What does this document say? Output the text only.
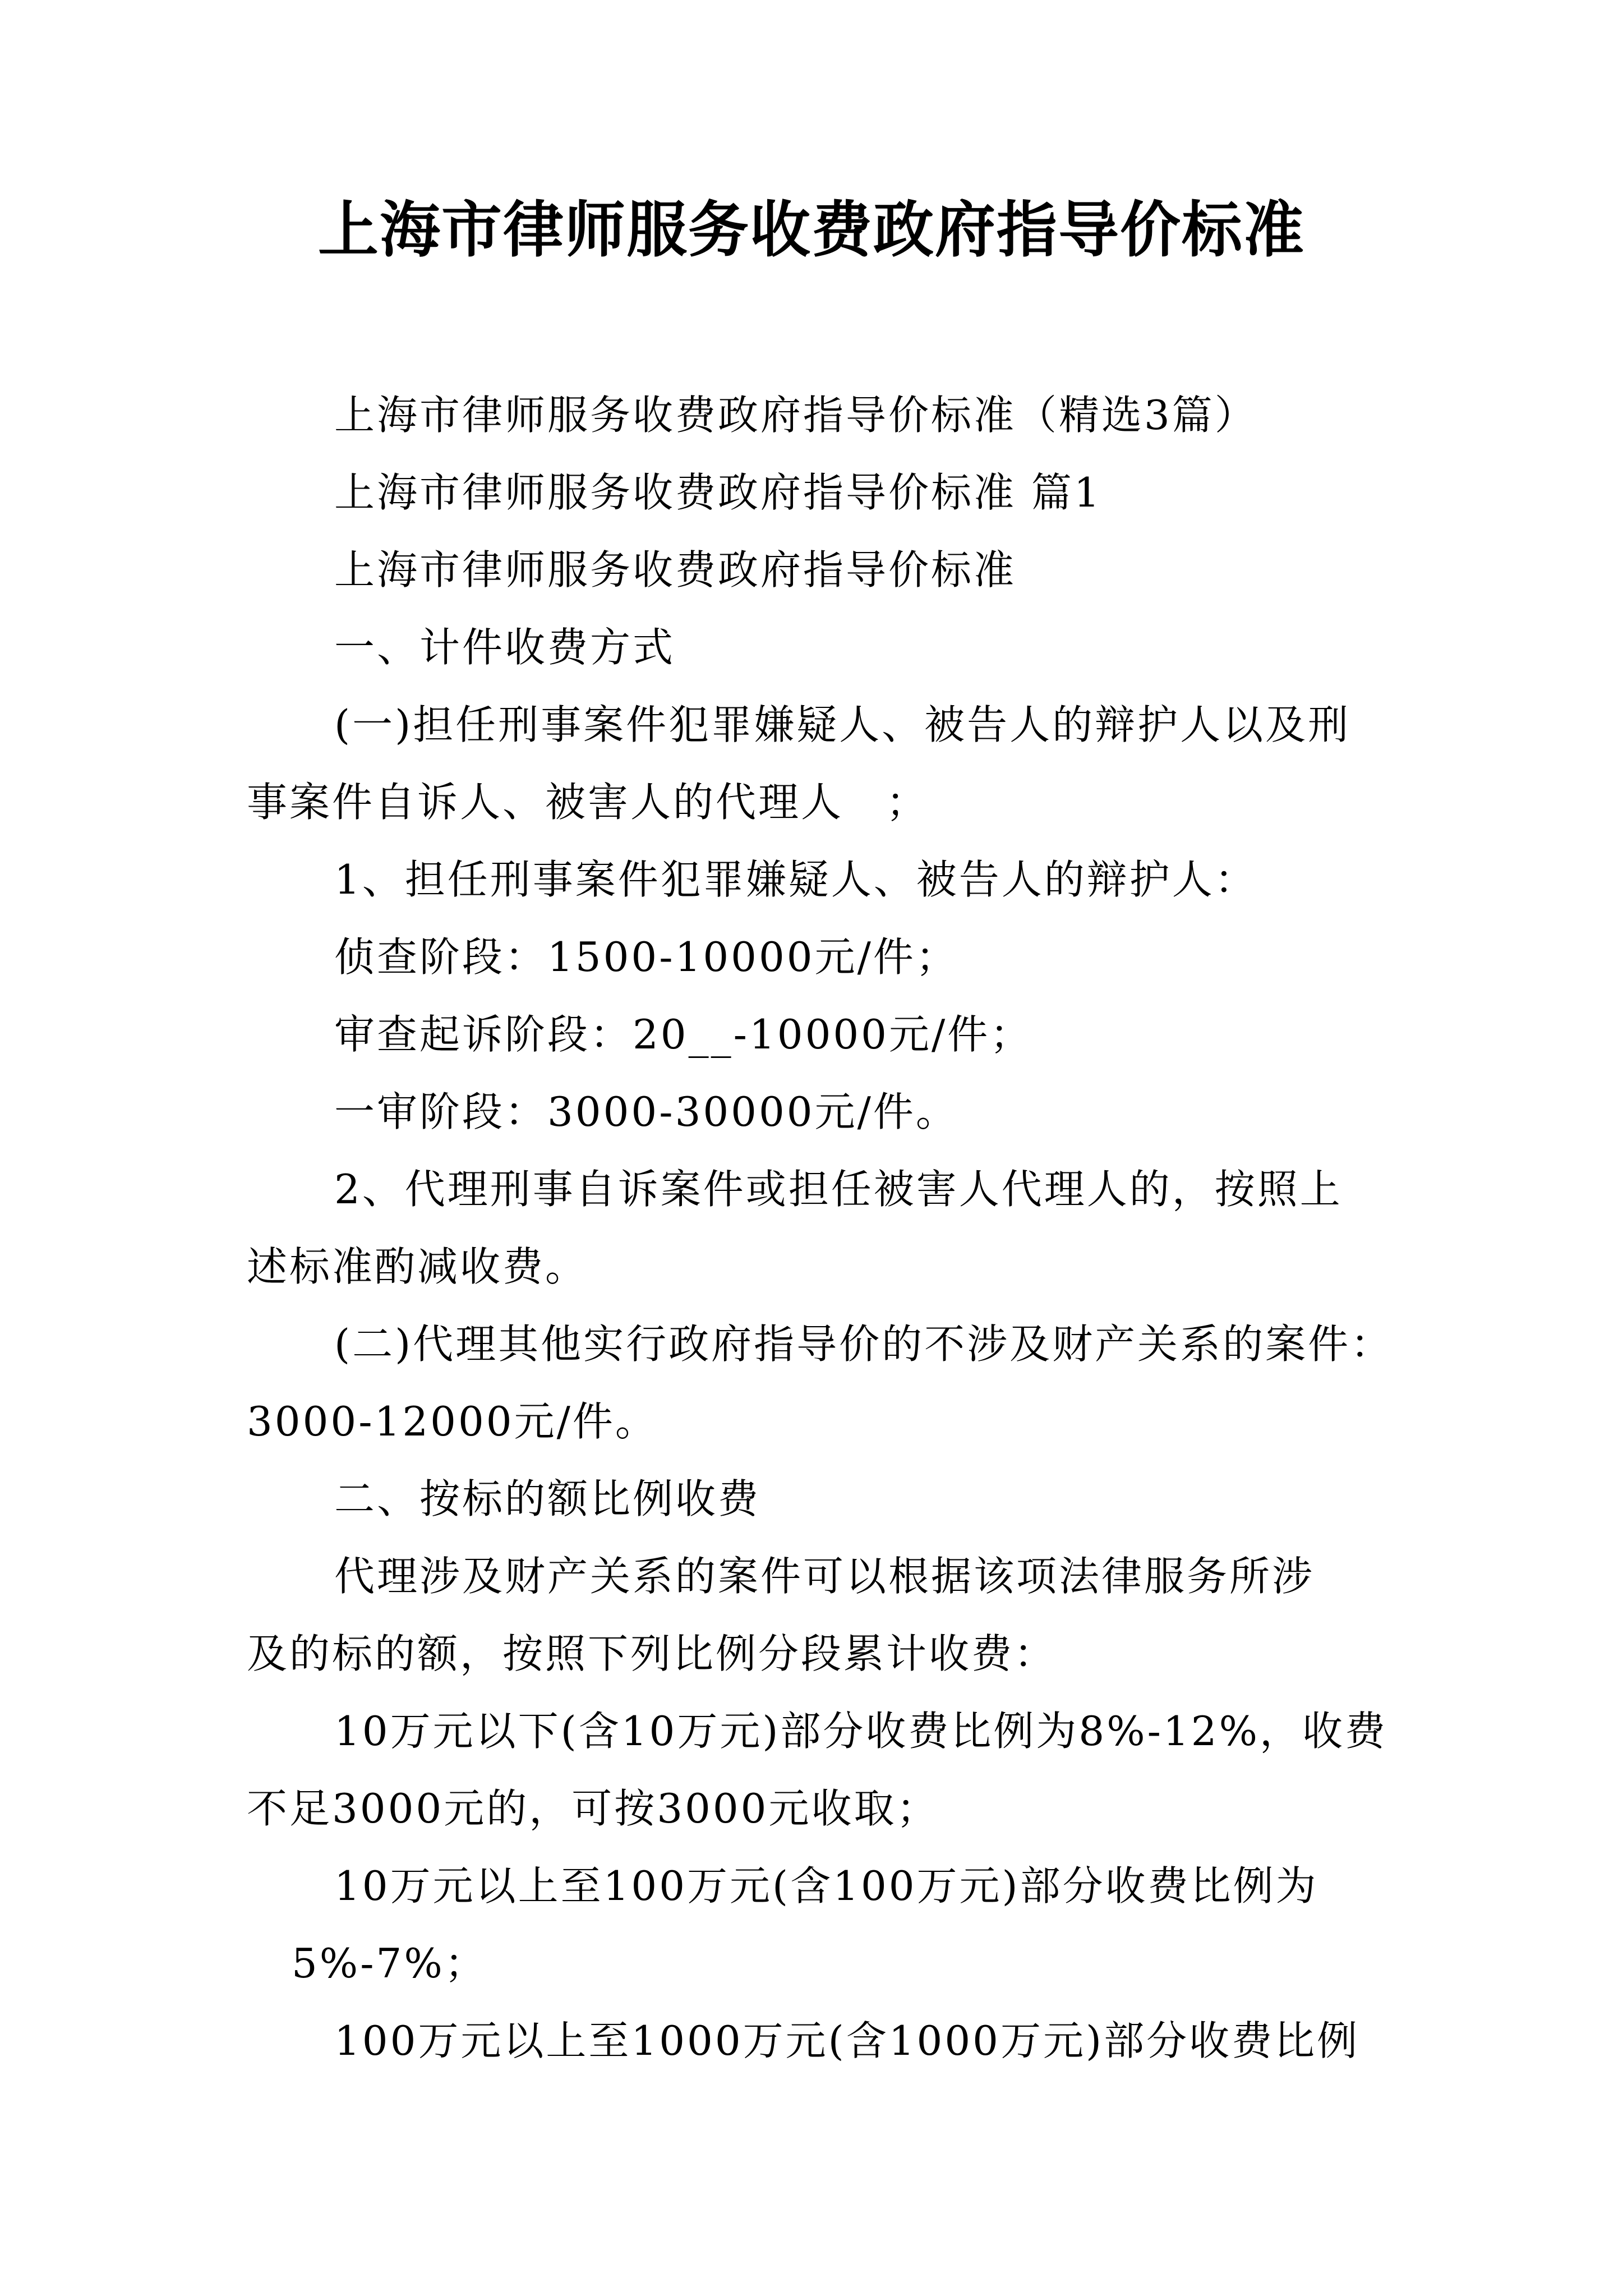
上海市律师服务收费政府指导价标准
上海市律师服务收费政府指导价标准（精选3篇）
上海市律师服务收费政府指导价标准 篇1
上海市律师服务收费政府指导价标准
一、计件收费方式
(一)担任刑事案件犯罪嫌疑人、被告人的辩护人以及刑
事案件自诉人、被害人的代理人　；
1、担任刑事案件犯罪嫌疑人、被告人的辩护人：
侦查阶段：1500-10000元/件；
审查起诉阶段：20__-10000元/件；
一审阶段：3000-30000元/件。
2、代理刑事自诉案件或担任被害人代理人的，按照上
述标准酌减收费。
(二)代理其他实行政府指导价的不涉及财产关系的案件：
3000-12000元/件。
二、按标的额比例收费
代理涉及财产关系的案件可以根据该项法律服务所涉
及的标的额，按照下列比例分段累计收费：
10万元以下(含10万元)部分收费比例为8%-12%，收费
不足3000元的，可按3000元收取；
10万元以上至100万元(含100万元)部分收费比例为
5%-7%；
100万元以上至1000万元(含1000万元)部分收费比例
